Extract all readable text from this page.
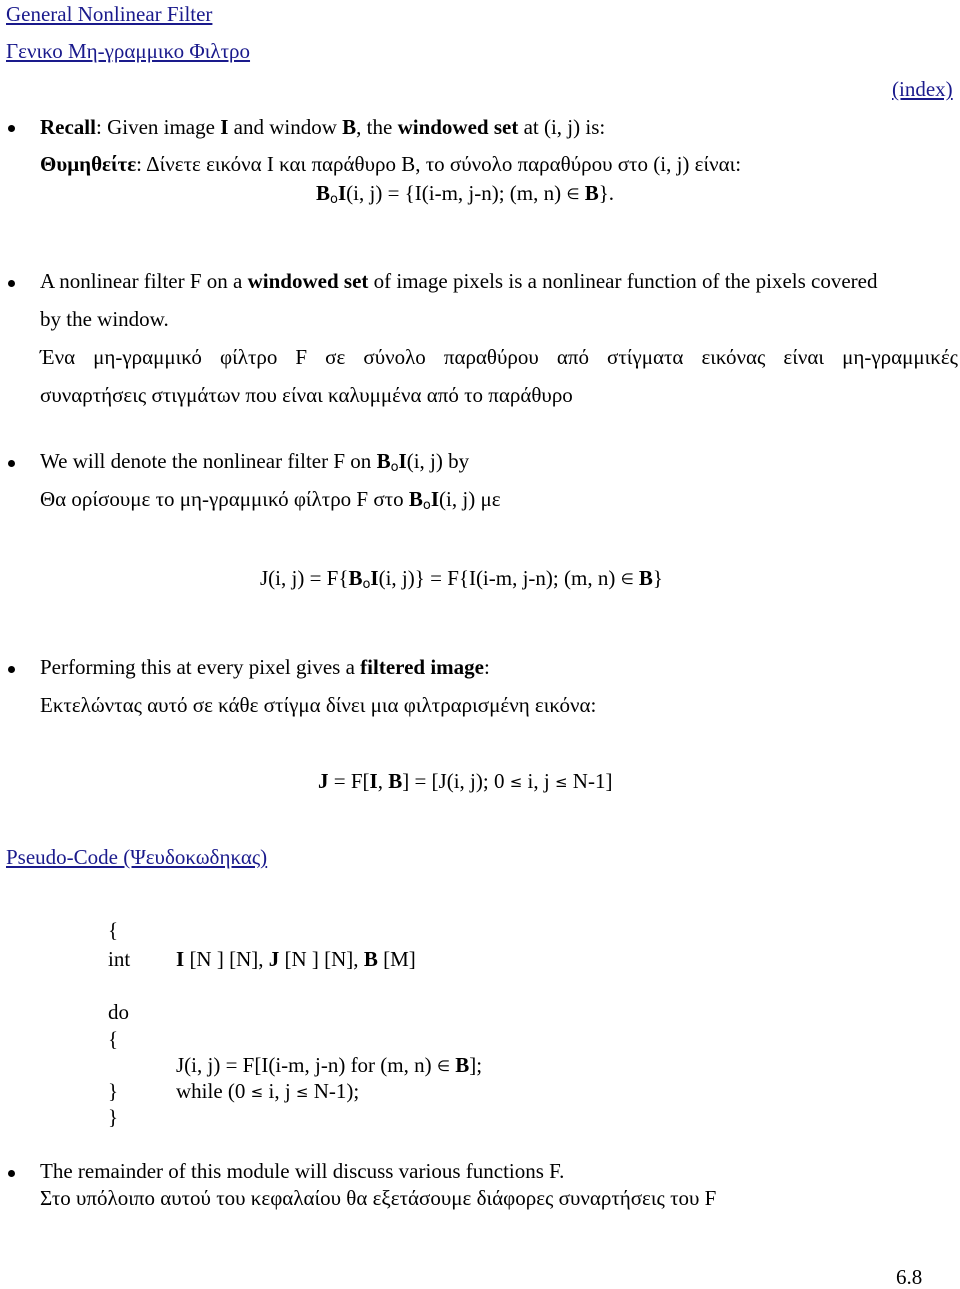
General Nonlinear Filter
Γενικο Μη-γραμμικο Φιλτρο
(index)
Recall: Given image I and window B, the windowed set at (i, j) is:
Θυμηθείτε: Δίνετε εικόνα Ι και παράθυρο Β, το σύνολο παραθύρου στο (i, j) είναι:
BοI(i, j) = {I(i-m, j-n); (m, n) ∈ B}.
A nonlinear filter F on a windowed set of image pixels is a nonlinear function of the pixels covered
by the window.
Ένα μη-γραμμικό φίλτρο F σε σύνολο παραθύρου από στίγματα εικόνας είναι μη-γραμμικές
συναρτήσεις στιγμάτων που είναι καλυμμένα από το παράθυρο
We will denote the nonlinear filter F on BοI(i, j) by
Θα ορίσουμε το μη-γραμμικό φίλτρο F στο BοI(i, j) με
J(i, j) = F{BοI(i, j)} = F{I(i-m, j-n); (m, n) ∈ B}
Performing this at every pixel gives a filtered image:
Εκτελώντας αυτό σε κάθε στίγμα δίνει μια φιλτραρισμένη εικόνα:
J = F[I, B] = [J(i, j); 0 ≤ i, j ≤ N-1]
Pseudo-Code (Ψευδοκωδηκας)
{
int I [N ] [N], J [N ] [N], B [M]
do
{
J(i, j) = F[I(i-m, j-n) for (m, n) ∈ B];
}	while (0 ≤ i, j ≤ N-1);
}
The remainder of this module will discuss various functions F.
Στο υπόλοιπο αυτού του κεφαλαίου θα εξετάσουμε διάφορες συναρτήσεις του F
6.8
